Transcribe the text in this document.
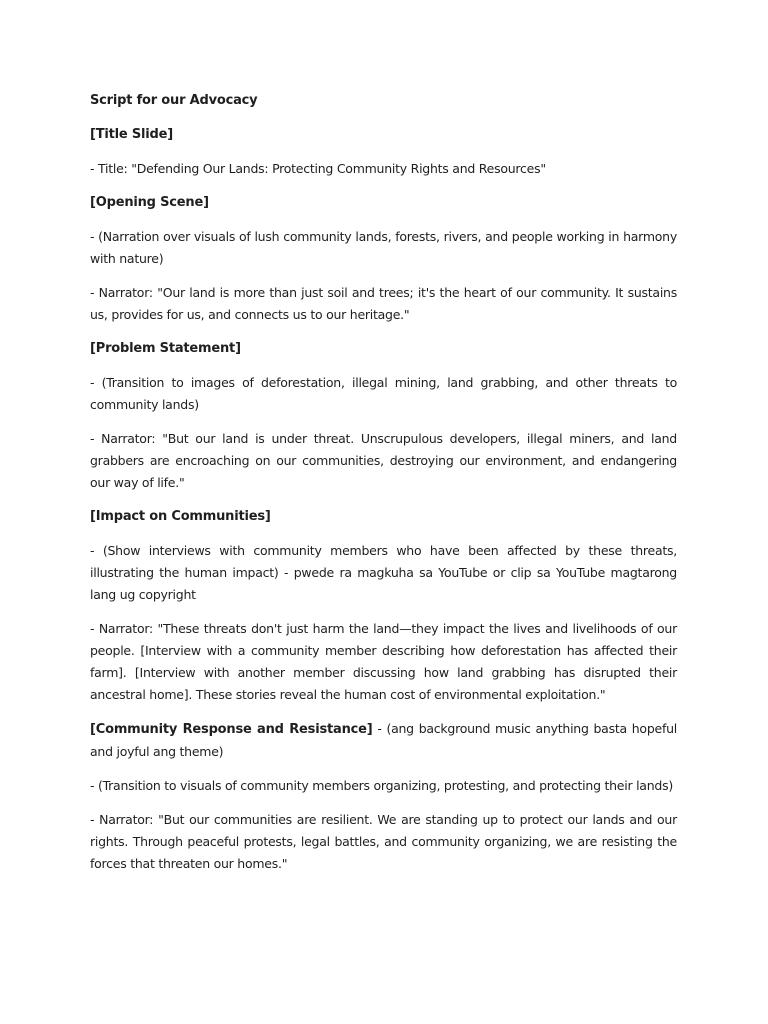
Script for our Advocacy

[Title Slide]

- Title: "Defending Our Lands: Protecting Community Rights and Resources"

[Opening Scene]

- (Narration over visuals of lush community lands, forests, rivers, and people working in harmony with nature)

- Narrator: "Our land is more than just soil and trees; it's the heart of our community. It sustains us, provides for us, and connects us to our heritage."

[Problem Statement]

- (Transition to images of deforestation, illegal mining, land grabbing, and other threats to community lands)

- Narrator: "But our land is under threat. Unscrupulous developers, illegal miners, and land grabbers are encroaching on our communities, destroying our environment, and endangering our way of life."

[Impact on Communities]

- (Show interviews with community members who have been affected by these threats, illustrating the human impact) - pwede ra magkuha sa YouTube or clip sa YouTube magtarong lang ug copyright

- Narrator: "These threats don't just harm the land—they impact the lives and livelihoods of our people. [Interview with a community member describing how deforestation has affected their farm]. [Interview with another member discussing how land grabbing has disrupted their ancestral home]. These stories reveal the human cost of environmental exploitation."

[Community Response and Resistance] - (ang background music anything basta hopeful and joyful ang theme)

- (Transition to visuals of community members organizing, protesting, and protecting their lands)

- Narrator: "But our communities are resilient. We are standing up to protect our lands and our rights. Through peaceful protests, legal battles, and community organizing, we are resisting the forces that threaten our homes."
